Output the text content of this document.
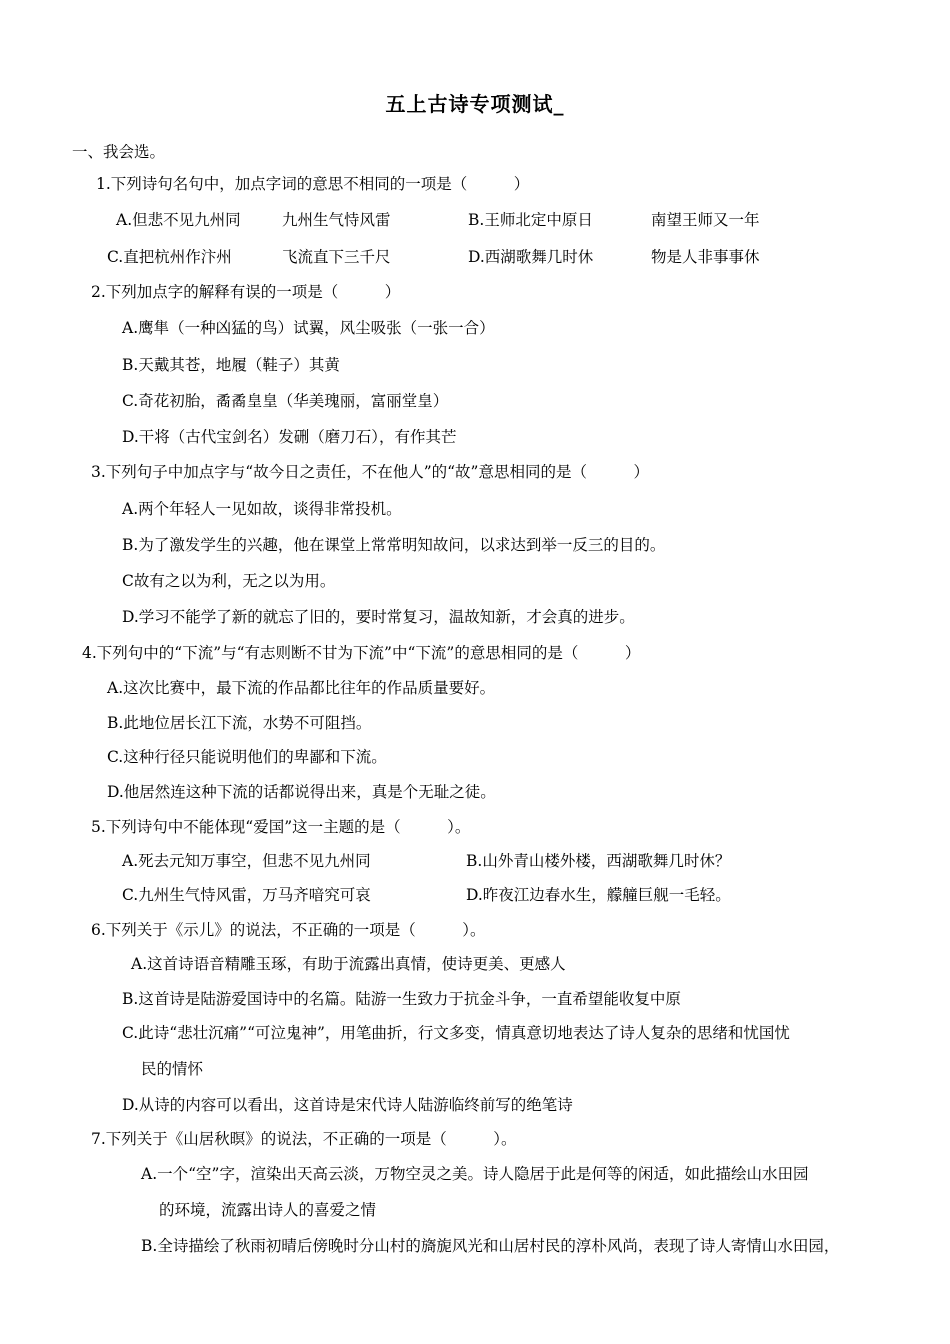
五上古诗专项测试_
一、我会选。
1.下列诗句名句中，加点字词的意思不相同的一项是（　　　）
A.但悲不见九州同	九州生气恃风雷	B.王师北定中原日	南望王师又一年
C.直把杭州作汴州	飞流直下三千尺	D.西湖歌舞几时休	物是人非事事休
2.下列加点字的解释有误的一项是（　　　）
A.鹰隼（一种凶猛的鸟）试翼，风尘吸张（一张一合）
B.天戴其苍，地履（鞋子）其黄
C.奇花初胎，矞矞皇皇（华美瑰丽，富丽堂皇）
D.干将（古代宝剑名）发硎（磨刀石），有作其芒
3.下列句子中加点字与“故今日之责任，不在他人”的“故”意思相同的是（　　　）
A.两个年轻人一见如故，谈得非常投机。
B.为了激发学生的兴趣，他在课堂上常常明知故问，以求达到举一反三的目的。
C故有之以为利，无之以为用。
D.学习不能学了新的就忘了旧的，要时常复习，温故知新，才会真的进步。
4.下列句中的“下流”与“有志则断不甘为下流”中“下流”的意思相同的是（　　　）
A.这次比赛中，最下流的作品都比往年的作品质量要好。
B.此地位居长江下流，水势不可阻挡。
C.这种行径只能说明他们的卑鄙和下流。
D.他居然连这种下流的话都说得出来，真是个无耻之徒。
5.下列诗句中不能体现“爱国”这一主题的是（　　　）。
A.死去元知万事空，但悲不见九州同	B.山外青山楼外楼，西湖歌舞几时休？
C.九州生气恃风雷，万马齐喑究可哀	D.昨夜江边春水生，艨艟巨舰一毛轻。
6.下列关于《示儿》的说法，不正确的一项是（　　　）。
A.这首诗语音精雕玉琢，有助于流露出真情，使诗更美、更感人
B.这首诗是陆游爱国诗中的名篇。陆游一生致力于抗金斗争，一直希望能收复中原
C.此诗“悲壮沉痛”“可泣鬼神”，用笔曲折，行文多变，情真意切地表达了诗人复杂的思绪和忧国忧
民的情怀
D.从诗的内容可以看出，这首诗是宋代诗人陆游临终前写的绝笔诗
7.下列关于《山居秋暝》的说法，不正确的一项是（　　　）。
A.一个“空”字，渲染出天高云淡，万物空灵之美。诗人隐居于此是何等的闲适，如此描绘山水田园
的环境，流露出诗人的喜爱之情
B.全诗描绘了秋雨初晴后傍晚时分山村的旖旎风光和山居村民的淳朴风尚，表现了诗人寄情山水田园，
